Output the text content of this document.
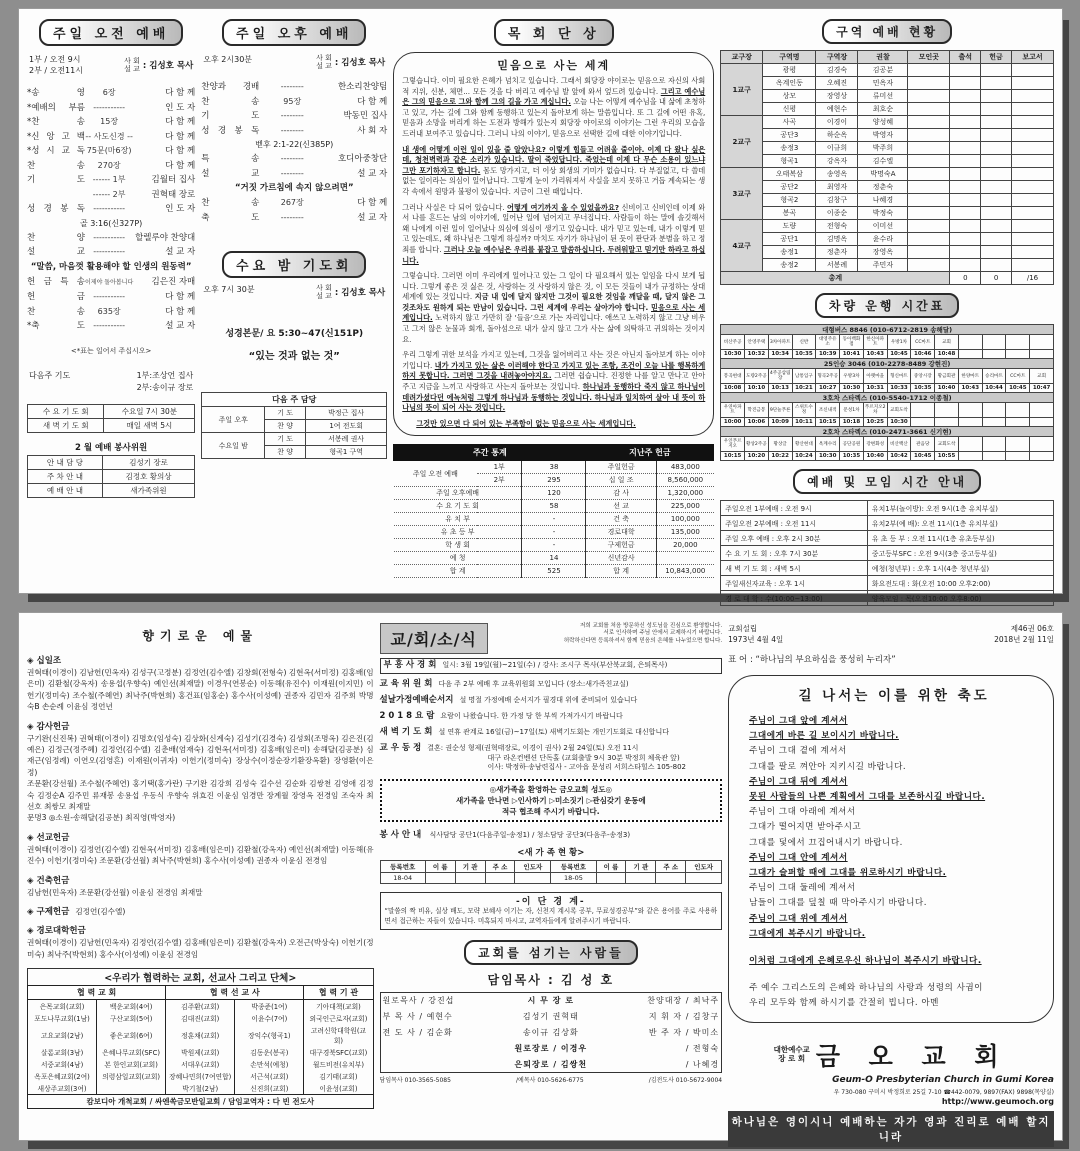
주일 오전 예배
1부 / 오전 9시
2부 / 오전11시
사 회
설 교 : 김성호 목사
*송 영	6장	다 함 께
*예배의 부름	-----------	인 도 자
*찬 송	15장	다 함 께
*신 앙 고 백 -- 사도신경 --	다 함 께
*성 시 교 독 75문(마6장)	다 함 께
찬 송	270장	다 함 께
기 도 ------ 1부	김월터 집사
------ 2부	권혁태 장로
성 경 봉 독	-----------	인 도 자
골 3:16(신327P)
찬 양	-----------	할렐루야 찬양대
설 교	-----------	설 교 자
“말씀, 마음껏 활용해야 할 인생의 원동력”
헌 금 특 송 이제야 돌아봅니다	김은진 자매
헌 금	-----------	다 함 께
찬 송	635장	다 함 께
*축 도	-----------	설 교 자
<*표는 일어서 주십시오>
다음주 기도	1부:조상언 집사
2부:송이규 장로
수 요 기 도 회	수요일 7시 30분
새 벽 기 도 회	매일 새벽 5시
2 월 예배 봉사위원
안 내 담 당	김성기 장로
주 차 안 내	김정호 황의상
예 배 안 내	새가족위원
주일 오후 예배
오후 2시30분	사 회
설 교 : 김성호 목사
찬양과 경배	--------	한소리찬양팀
찬 송	95장	다 함 께
기 도	--------	박동민 집사
성 경 봉 독	--------	사 회 자
벧후 2:1-22(신385P)
특 송	--------	호디아중창단
설 교	--------	설 교 자
“거짓 가르침에 속지 않으려면”
찬 송	267장	다 함 께
축 도	--------	설 교 자
수요 밤 기도회
오후 7시 30분	사 회
설 교 : 김성호 목사
성경본문/ 요 5:30~47(신151P)
“있는 것과 없는 것”
다음 주 담당
주일 오후	기 도	박정근 집사
	찬 양	1여 전도회
수요일 밤	기 도	서봉례 권사
	찬 양	형곡1 구역
목 회 단 상
믿음으로 사는 세계

그렇습니다. 이미 필요한 은혜가 넘치고 있습니다. 그래서 회당장 야이로는 믿음으로 자신의 사회적 지위, 신분, 체면... 모든 것을 다 버리고 예수님 발 앞에 와서 엎드려 있습니다. 그리고 예수님은 그의 믿음으로 그와 함께 그의 길을 가고 계십니다. 오늘 나는 어떻게 예수님을 내 삶에 초청하고 있고, 가는 길에 그와 함께 동행하고 있는지 돌아보게 하는 말씀입니다. 또 그 길에 어떤 유혹, 믿음과 소망을 버리게 하는 도전과 방해가 있는지 회당장 야이로의 이야기는 그런 우리의 모습을 드러내 보여주고 있습니다. 그러니 나의 이야기, 믿음으로 선택한 길에 대한 이야기입니다.

내 생에 어떻게 이런 일이 있을 줄 알았나요? 이렇게 힘들고 어려울 줄이야. 이제 다 왔나 싶은데, 청천벽력과 같은 소리가 있습니다. 딸이 죽었답니다. 죽었는데 이제 다 무슨 소용이 있느냐 그만 포기하자고 합니다. 몸도 망가지고, 더 이상 회생의 기미가 없습니다. 다 부질없고, 다 쓸데없는 일이라는 의심이 일어납니다. 그렇게 눈이 가리워져서 사실을 보지 못하고 거듭 계속되는 생각 속에서 원망과 불평이 있습니다. 지금이 그런 때입니다.

그러나 사실은 다 되어 있습니다. 어떻게 여기까지 올 수 있었을까요? 신비이고 신비인데 이제 와서 나를 흔드는 남의 이야기에, 일어난 일에 넘어지고 무너집니다. 사람들이 하는 말에 솔깃해서 왜 나에게 이런 일이 일어났나 의심에 의심이 생기고 있습니다. 내가 믿고 있는데, 내가 이렇게 믿고 있는데도, 왜 하나님은 그렇게 하실까? 마치도 자기가 하나님이 된 듯이 판단과 분별을 하고 정죄를 합니다. 그러나 오늘 예수님은 우리를 붙잡고 말씀하십니다. 두려워말고 믿기만 하라고 하십니다.

그렇습니다. 그러면 이미 우리에게 일어나고 있는 그 일이 다 필요해서 있는 일임을 다시 보게 됩니다. 그렇게 좋은 것 싫은 것, 사랑하는 것 사랑하지 않은 것, 이 모든 것들이 내가 규정하는 상대세계에 있는 것입니다. 지금 내 입에 달지 않지만 그것이 필요한 것임을 깨달을 때, 달지 않은 그것조차도 원하게 되는 만남이 있습니다. 그런 세계에 우리는 살아가야 합니다. 믿음으로 사는 세계입니다. 노력하지 않고 가만히 잘 ‘들음’으로 가는 자리입니다. 애쓰고 노력하지 않고 그냥 비우고 그저 않은 눈물과 회개, 돌아섬으로 내가 살지 않고 그가 사는 삶에 의탁하고 귀의하는 것이지요.

우리 그렇게 귀한 보석을 가지고 있는데, 그것을 잃어버리고 사는 것은 아닌지 돌아보게 하는 이야기입니다. 내가 가지고 있는 삶은 이러해야 한다고 가지고 있는 조항, 조건이 오늘 나를 행복하게 하지 못합니다. 그러면 그것을 내려놓아야지요. 그러면 쉽습니다. 진정한 나를 알고 만나고 안아주고 지금을 느끼고 사랑하고 사는지 돌아보는 것입니다. 하나님과 동행하다 죽지 않고 하나님이 데려가셨다던 에녹처럼 그렇게 하나님과 동행하는 것입니다. 하나님과 일치하여 살아 내 뜻이 하나님의 뜻이 되어 사는 것입니다.

그것만 있으면 다 되어 있는 부족함이 없는 믿음으로 사는 세계입니다.

주간 통계			지난주 헌금	
주일 오전 예배	1부	38	주일헌금	483,000
	2부	295	십 일 조	8,560,000
주일 오후예배		120	감 사	1,320,000
수 요 기 도 회		58	선 교	225,000
유 치 부		-	건 축	100,000
유 초 등 부		-	경로대학	135,000
학 생 회		-	구제헌금	20,000
예 청		14	신년감사	
합 계		525	합 계	10,843,000
구역 예배 현황
교구장	구역명	구역장	권찰	모인곳	출석	헌금	보고서
1교구	광평	김경숙	김공분				
	옥계인동	오혜진	민옥자				
	상모	장영상	류미선				
	신평	예현수	최호순				
2교구	사곡	이경이	양성혜				
	공단3	하순옥	박영자				
	송정3	이규희	박주희				
	형곡1	강옥자	김수엘				
3교구	오태복삼	송영옥	박명숙A				
	공단2	최영자	정춘숙				
	형곡2	김창구	나혜경				
	봉곡	이종순	박정숙				
4교구	도량	전형숙	이미선				
	공단1	김명옥	윤수라				
	송정1	정춘자	장영옥				
	송정2	서봉례	주민자				
총계					0	0	/16
차량 운행 시간표
대형버스 8846 (010-6712-2819 송해달)													
비산주공	안영주택	3차아파트	신반	대영주유소	동아백화점	한신아파트	우방1차	CC마트	교회				
10:30	10:32	10:34	10:35	10:39	10:41	10:43	10:45	10:46	10:48				
25인승 3046 (010-2278-8489 강현진)													
봉곡현대	도량2주공	4주공삼림장	남통입구	형곡2주공	우방3차	아랫마을	형신마트	중앙시장	황금회관	한양마트	승리마트	CC마트	교회
10:08	10:10	10:13	10:21	10:27	10:30	10:31	10:33	10:35	10:40	10:43	10:44	10:45	10:47
3호차 스타렉스 (010-5540-1712 이종철)													
우연아파트	학진금봉	9단늘푸른	스위트수정	조신내적	문성1차	푸르지오2차	교회도착						
10:00	10:06	10:09	10:11	10:15	10:18	10:25	10:30						
2호차 스타렉스 (010-2471-3661 신기현)													
우인푸르지오	황상2주공	황상글	황산현대	옥계수리	공단공원	강변화성	비산백산	관음당	교회도착				
10:15	10:20	10:22	10:24	10:30	10:35	10:40	10:42	10:45	10:55				
예배 및 모임 시간 안내
주일오전 1부예배 : 오전 9시	유치1부(놀이방): 오전 9시(1층 유치부실)
주일오전 2부예배 : 오전 11시	유치2부(예 배): 오전 11시(1층 유치부실)
주일 오후 예배 : 오후 2시 30분	유 초 등 부 : 오전 11시(1층 유초등부실)
수 요 기 도 회 : 오후 7시 30분	중고등부SFC : 오전 9시(3층 중고등부실)
새 벽 기 도 회 : 새벽 5시	예청(청년부) : 오후 1시(4층 청년부실)
주일새신자교육 : 오후 1시	화요전도대 : 화(오전 10:00 오후2:00)
경 로 대 학 : 수(10:00~13:00)	양육모임 : 목(오전10:00 오후8:00)
향기로운 예물
◈ 십일조

권혁태(이경이) 김남헌(민옥자) 김성구(고정분) 김정언(김수엘) 김창회(전형숙) 김현옥(서미정) 김홍배(임은미) 김환철(강옥자) 송용섭(우향숙) 예인선(최재말) 이경우(연봉순) 이동해(유진수) 이재원(이지민) 이헌기(정미숙) 조수철(주혜연) 최낙주(박현희) 홍건표(임홍순) 홍수사(이성예) 권종자 김민자 김주희 박명숙B 손순례 이윤심 정언년

◈ 감사헌금

구기완(신진복) 권혁태(이경이) 김명호(임성숙) 김상화(신계숙) 김성기(김경숙) 김성회(조명옥) 김은진(김예은) 김정근(정주혜) 김정언(김수엘) 김춘배(엄재숙) 김현옥(서미정) 김홍배(임은미) 송해달(김공분) 심재근(임정례) 이연오(김영흔) 이재원(이귀자) 이헌기(정미숙) 장상수(이정순장기환장옥환) 장영환(이은정)

조문환(강선월) 조수철(주혜연) 홍기택(홍가란) 구기완 김강희 김성숙 길수선 김순화 김쌍천 김영애 김정숙 김정순A 김주민 류재봉 송용섭 우동식 우향숙 위효진 이윤심 임경만 장계월 장영옥 전경임 조숙자 최선호 최쌍모 최재말

문명3 ◎소원-송해달(김공분) 최직영(박영자)

◈ 선교헌금

권혁태(이경이) 김정언(김수엘) 김현옥(서미정) 김홍배(임은미) 김환철(강옥자) 예인선(최재말) 이동해(유진수) 이헌기(정미숙) 조문환(강선월) 최낙주(박현희) 홍수사(이성예) 권종자 이윤심 전경임

◈ 건축헌금

김남헌(민옥자) 조문환(강선월) 이윤심 전경임 최재말

◈ 구제헌금 김정언(김수엘)
◈ 경로대학헌금

권혁태(이경이) 김남헌(민옥자) 김정언(김수엘) 김홍배(임은미) 김환철(강옥자) 오전근(박상숙) 이헌기(정미숙) 최낙주(박현희) 홍수사(이성예) 이윤심 전경임

<우리가 협력하는 교회, 선교사 그리고 단체>
협 력 교 회		협 력 선 교 사		협 력 기 관
은목교회(교회)	백운교회(4여)	김주환(교회)	박종준(1여)	기아대책(교회)
포도나무교회(1남)	구산교회(5여)	김대진(교회)	이윤수(7여)	외국인근로자(교회)
고요교회(2남)	좋은교회(6여)	정훈채(교회)	장익수(형곡1)	고려신학대학원(교회)
살롬교회(3남)	은혜나무교회(SFC)	박원제(교회)	김동운(봉곡)	대구경북SFC(교회)
서중교회(4남)	본 한인교회(교회)	서대우(교회)	손만석(예청)	월드비전(유치부)
옥포은혜교회(2여)	의령삼일교회(교회)	장혜나민희(7여연합)	서근석(교회)	김기태(교회)
새상주교회(3여)		박기철(2남)	신진희(교회)	이윤성(교회)
캄보디아 개척교회 / 싸엔쏙금모반일교회 / 담임교역자 : 다 빈 전도사				
교/회/소/식
저희 교회를 처음 방문하신 성도님을 진심으로 환영합니다.
서로 인사하며 주님 안에서 교제하시기 바랍니다.
허락하신다면 등록하셔서 함께 믿음의 은혜를 나누었으면 합니다.
부 흥 사 경 회 일시: 3월 19일(월)~21일(수) / 강사: 조시구 목사(부산북교회, 은퇴목사)
교 육 위 원 회 다음 주 2부 예배 후 교육위원회 모입니다 (장소:새가족친교실)
설날가정예배순서지 설 명절 가정예배 순서지가 필경대 위에 준비되어 있습니다
2 0 1 8 요 람 요람이 나왔습니다. 한 가정 당 한 부씩 가져가시기 바랍니다
새 벽 기 도 회 설 연휴 관계로 16일(금)~17일(토) 새벽기도회는 개인기도회로 대신합니다
교 우 동 정 결혼: 권순성 형제(권혁태장로, 이경이 권사) 2월 24일(토) 오전 11시
대구 라온컨벤션 단독홀 (교회출발 9시 30분 박정희 체육관 앞)
이사: 박정하·송남련집사 - 고아읍 문성리 서희스타힐스 105-802
◎새가족을 환영하는 금오교회 성도◎
새가족을 만나면 ▷인사하기 ▷미소짓기 ▷관심갖기 운동에
적극 협조해 주시기 바랍니다.
봉 사 안 내 식사담당 공단1(다음주일-송정1) / 청소담당 공단3(다음주-송정3)
<새 가 족 현 황>
등록번호	이 름	기 관	주 소	인도자	등록번호	이 름	기 관	주 소	인도자
18-04					18-05				
-이 단 경 계-

“말씀의 짝 비유, 실상 배도, 모략 보혜사 이기는 자, 신천지 계시록 공부, 무료성경공부”와 같은 용어를 주로 사용하면서 접근하는 자들이 있습니다. 미혹되지 마시고, 교역자들에게 알려주시기 바랍니다.

교회를 섬기는 사람들
담임목사 : 김 성 호
원로목사 / 강진섭	시 무 장 로	찬양대장 / 최낙주
부 목 사 / 예현수	김성기 권혁태	지 휘 자 / 김창구
전 도 사 / 김순화	송이규 김상화	반 주 자 / 박미소
	원로장로 / 이경우	/ 전형숙
	은퇴장로 / 김쌍천	/ 나혜경
담임목사 010-3565-5085	/예목사 010-5626-6775	/김전도사 010-5672-9004
교회설립
1973년 4월 4일
제46권 06호
2018년 2월 11일
표 어 : “하나님의 부요하심을 풍성히 누리자”
길 나서는 이를 위한 축도
주님이 그대 앞에 계셔서
그대에게 바른 길 보이시기 바랍니다.
주님이 그대 곁에 계셔서
그대를 팔로 껴안아 지키시길 바랍니다.
주님이 그대 뒤에 계셔서
못된 사람들의 나쁜 계획에서 그대를 보존하시길 바랍니다.
주님이 그대 아래에 계셔서
그대가 떨어지면 받아주시고
그대를 덫에서 끄집어내시기 바랍니다.
주님이 그대 안에 계셔서
그대가 슬퍼할 때에 그대를 위로하시기 바랍니다.
주님이 그대 둘레에 계셔서
남들이 그대를 덮칠 때 막아주시기 바랍니다.
주님이 그대 위에 계셔서
그대에게 복주시기 바랍니다.
이처럼 그대에게 은혜로우신 하나님이 복주시기 바랍니다.
주 예수 그리스도의 은혜와 하나님의 사랑과 성령의 사귐이
우리 모두와 함께 하시기를 간절히 빕니다. 아멘
대한예수교
장 로 회 금 오 교 회
Geum-O Presbyterian Church in Gumi Korea
우 730-080 구미시 박정희로 25길 7-10 ☎442-0079, 9897(FAX) 9898(목양실)
http://www.geumoch.org
하나님은 영이시니 예배하는 자가 영과 진리로 예배 할지니라
